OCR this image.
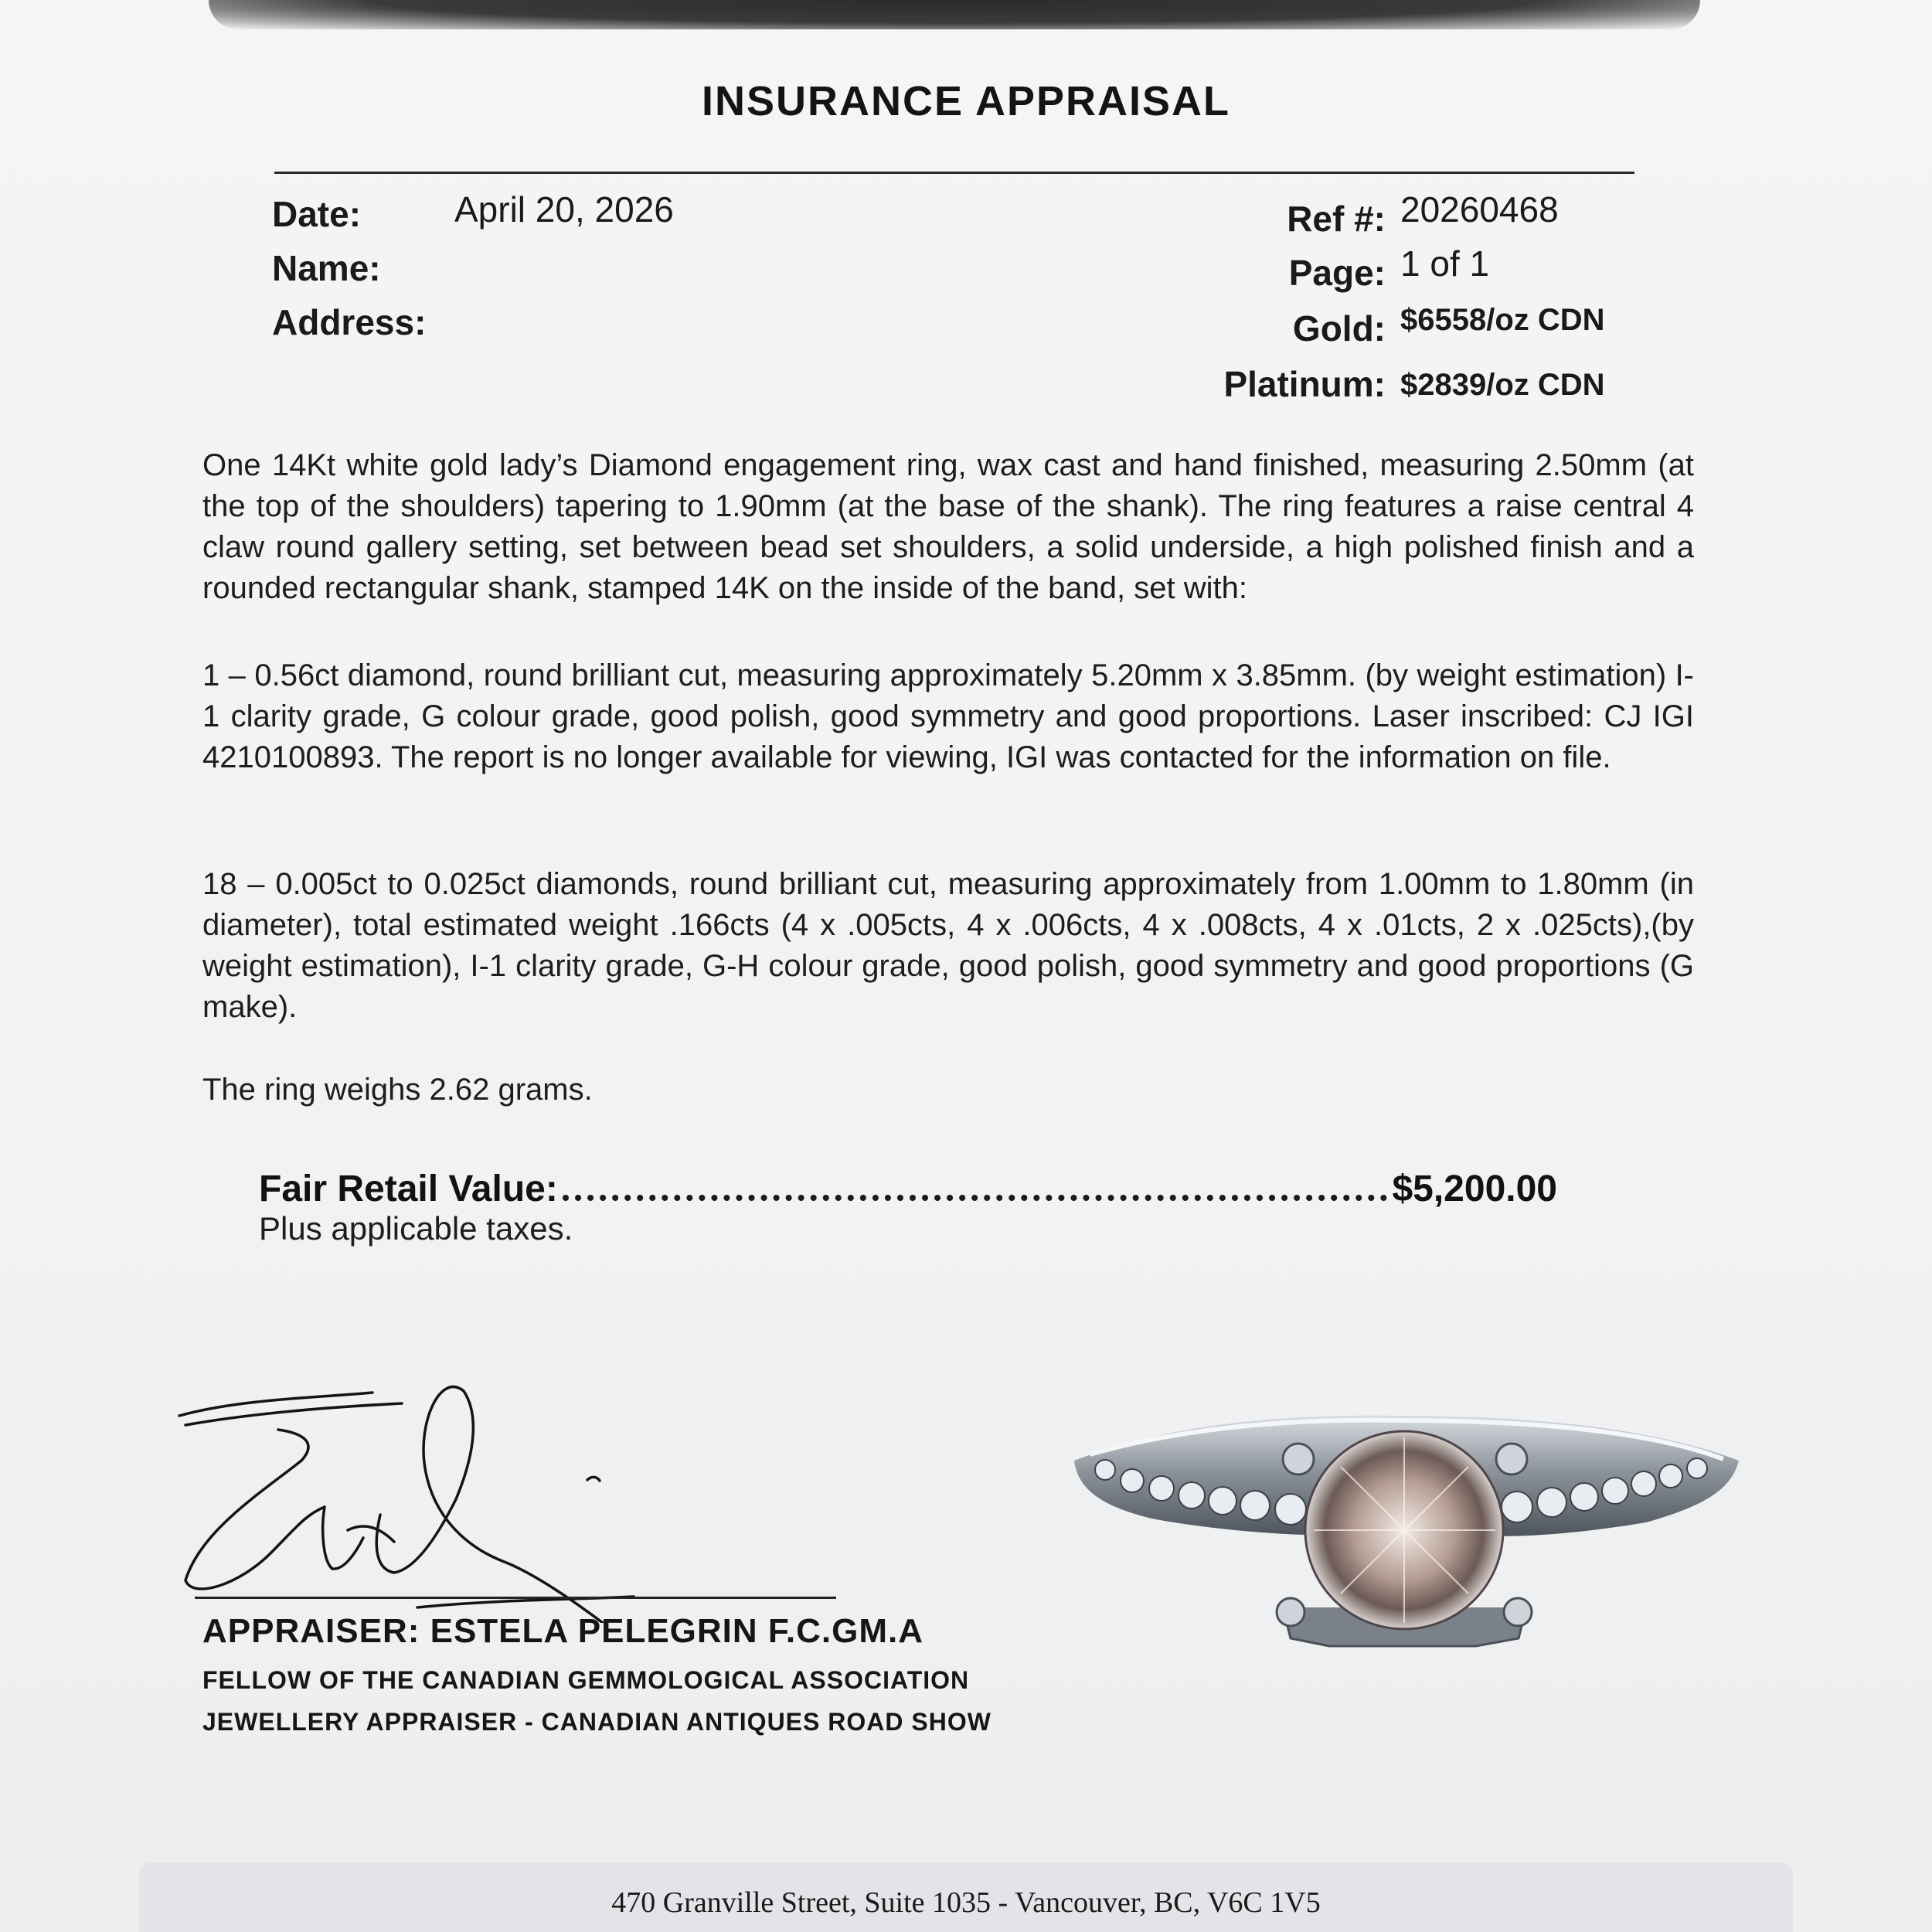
INSURANCE APPRAISAL
Date:	April 20, 2026
Name:
Address:
Ref #: 20260468
Page: 1 of 1
Gold: $6558/oz CDN
Platinum: $2839/oz CDN

One 14Kt white gold lady’s Diamond engagement ring, wax cast and hand finished, measuring 2.50mm (at the top of the shoulders) tapering to 1.90mm (at the base of the shank). The ring features a raise central 4 claw round gallery setting, set between bead set shoulders, a solid underside, a high polished finish and a rounded rectangular shank, stamped 14K on the inside of the band, set with:

1 – 0.56ct diamond, round brilliant cut, measuring approximately 5.20mm x 3.85mm. (by weight estimation) I-1 clarity grade, G colour grade, good polish, good symmetry and good proportions. Laser inscribed: CJ IGI 4210100893. The report is no longer available for viewing, IGI was contacted for the information on file.

18 – 0.005ct to 0.025ct diamonds, round brilliant cut, measuring approximately from 1.00mm to 1.80mm (in diameter), total estimated weight .166cts (4 x .005cts, 4 x .006cts, 4 x .008cts, 4 x .01cts, 2 x .025cts),(by weight estimation), I-1 clarity grade, G-H colour grade, good polish, good symmetry and good proportions (G make).

The ring weighs 2.62 grams.

Fair Retail Value:	$5,200.00
Plus applicable taxes.
APPRAISER: ESTELA PELEGRIN F.C.GM.A
FELLOW OF THE CANADIAN GEMMOLOGICAL ASSOCIATION
JEWELLERY APPRAISER - CANADIAN ANTIQUES ROAD SHOW
470 Granville Street, Suite 1035 - Vancouver, BC, V6C 1V5
